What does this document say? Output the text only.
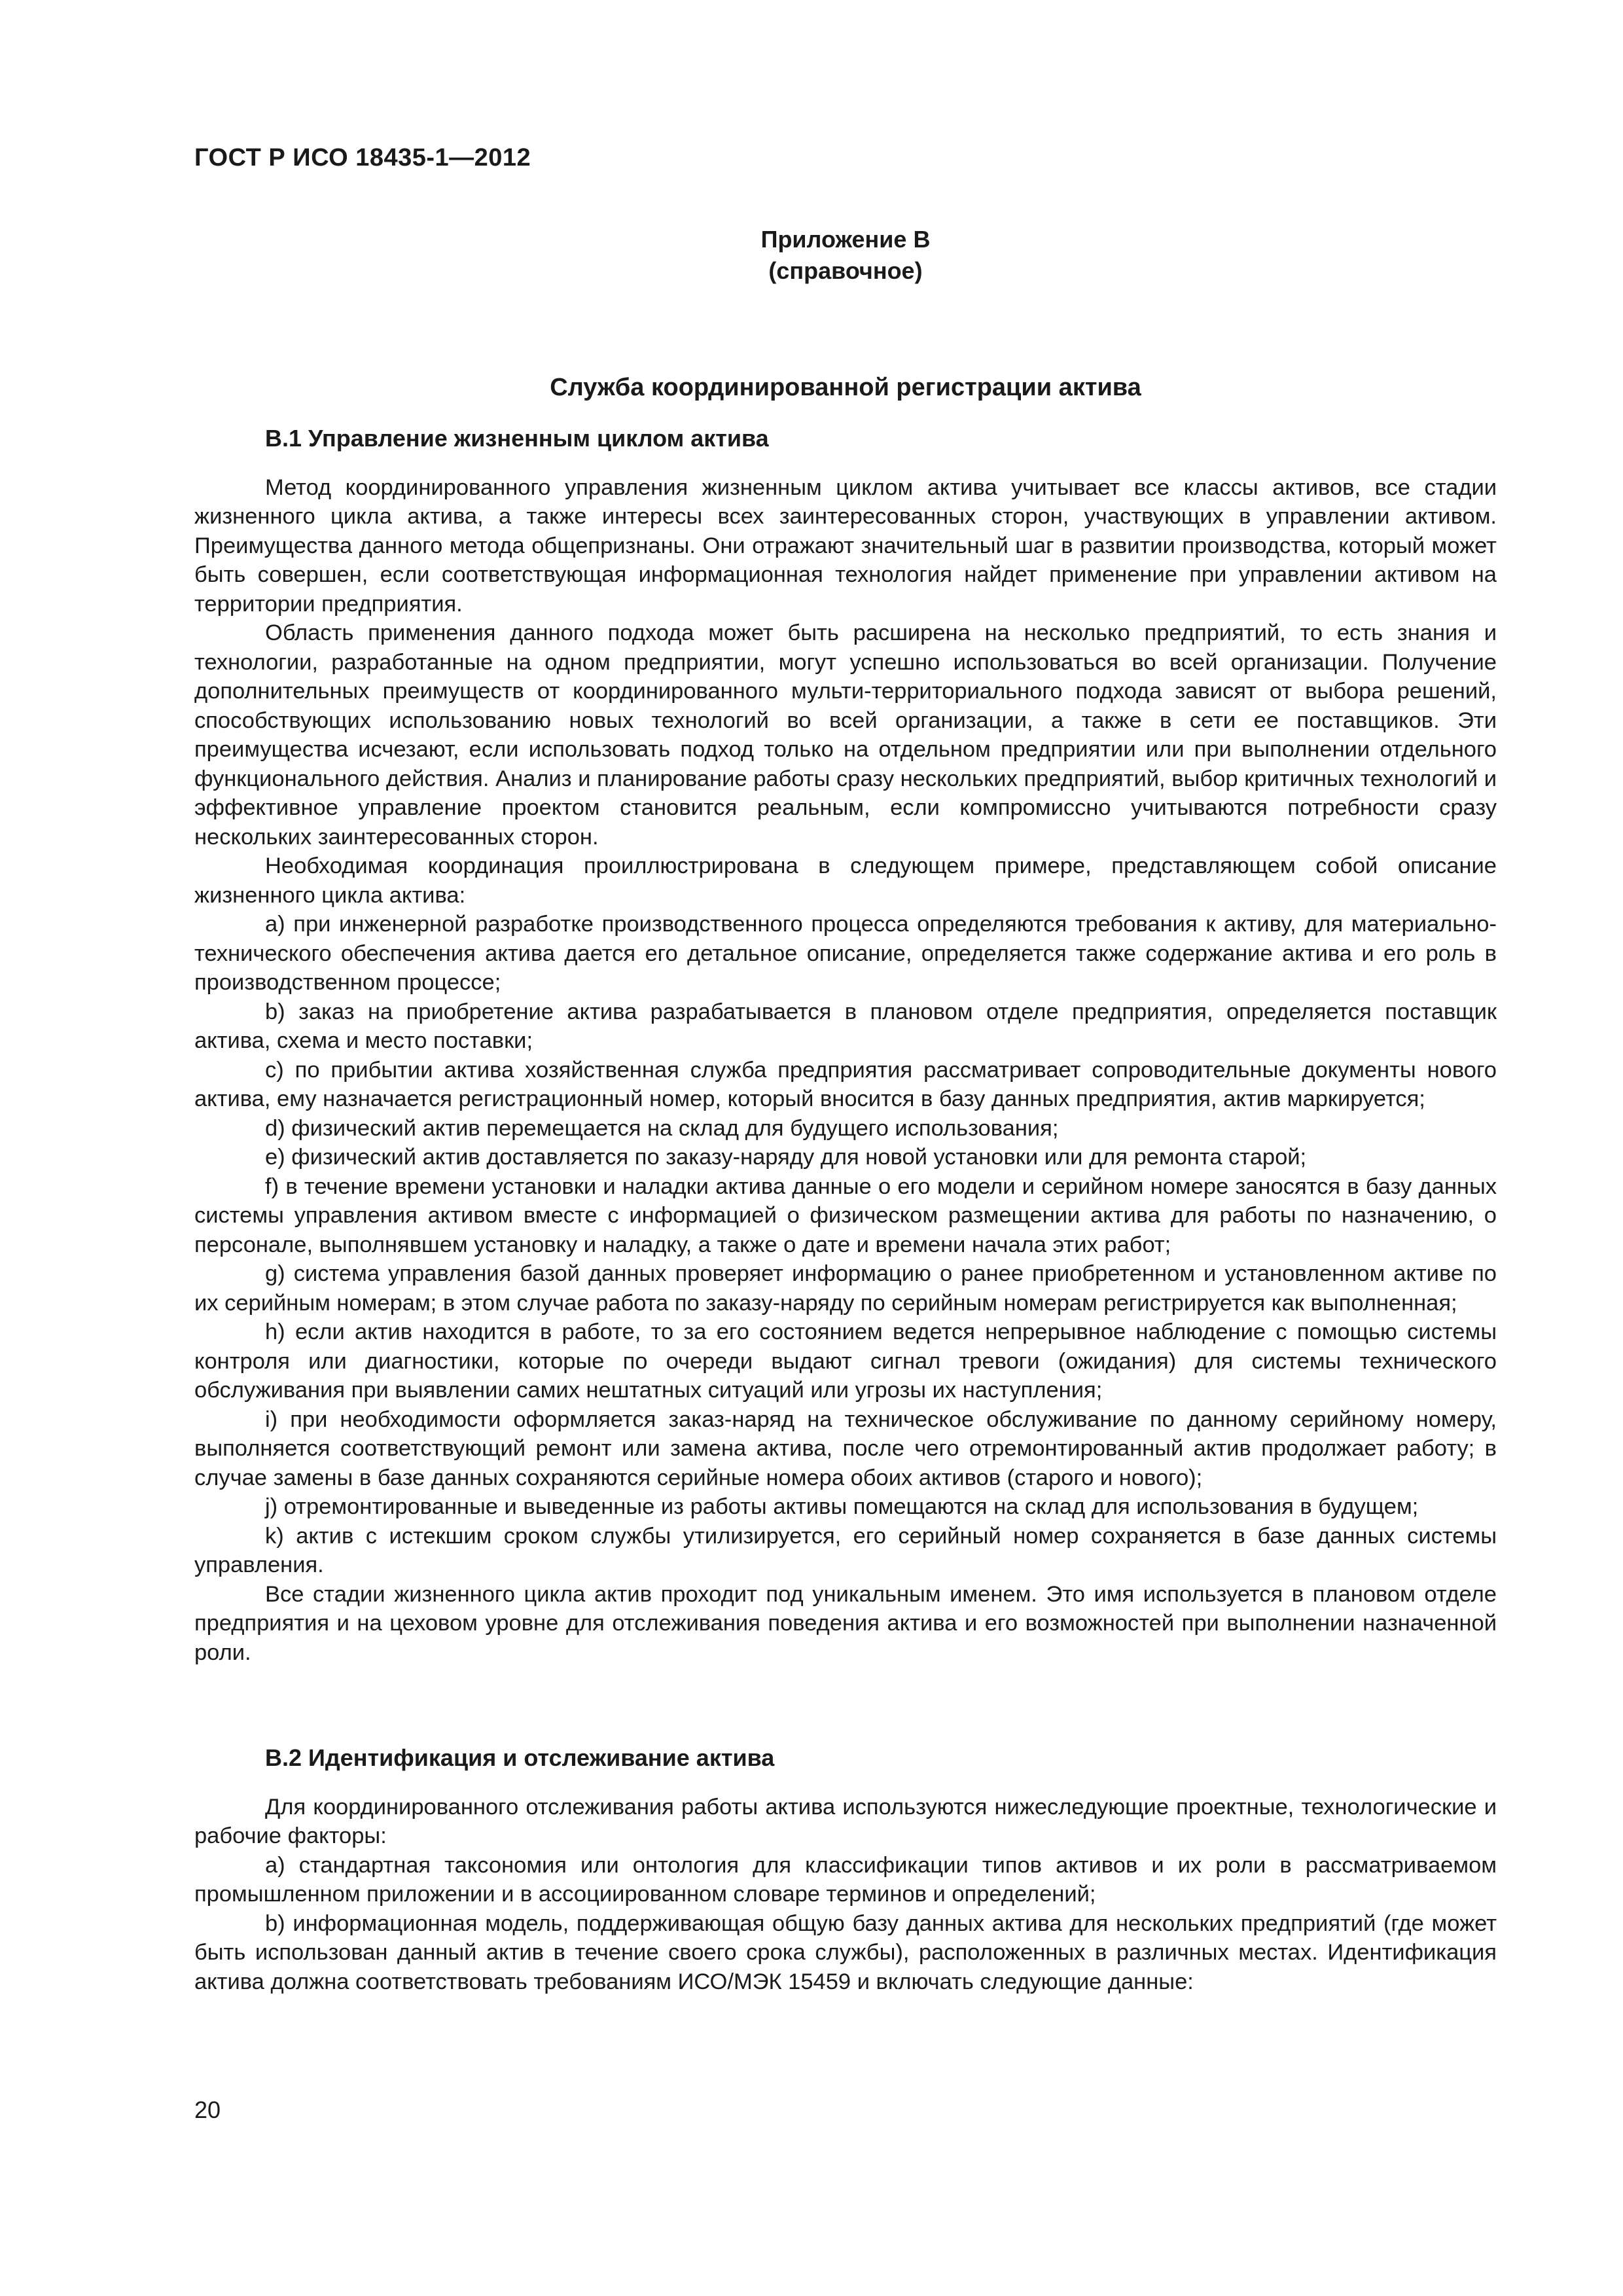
ГОСТ Р ИСО 18435-1—2012
Приложение В
(справочное)
Служба координированной регистрации актива
В.1 Управление жизненным циклом актива

Метод координированного управления жизненным циклом актива учитывает все классы активов, все стадии жизненного цикла актива, а также интересы всех заинтересованных сторон, участвующих в управлении активом. Преимущества данного метода общепризнаны. Они отражают значительный шаг в развитии производства, который может быть совершен, если соответствующая информационная технология найдет применение при управлении активом на территории предприятия.

Область применения данного подхода может быть расширена на несколько предприятий, то есть знания и технологии, разработанные на одном предприятии, могут успешно использоваться во всей организации. Получение дополнительных преимуществ от координированного мульти-территориального подхода зависят от выбора решений, способствующих использованию новых технологий во всей организации, а также в сети ее поставщиков. Эти преимущества исчезают, если использовать подход только на отдельном предприятии или при выполнении отдельного функционального действия. Анализ и планирование работы сразу нескольких предприятий, выбор критичных технологий и эффективное управление проектом становится реальным, если компромиссно учитываются потребности сразу нескольких заинтересованных сторон.

Необходимая координация проиллюстрирована в следующем примере, представляющем собой описание жизненного цикла актива:

а) при инженерной разработке производственного процесса определяются требования к активу, для материально-технического обеспечения актива дается его детальное описание, определяется также содержание актива и его роль в производственном процессе;

b) заказ на приобретение актива разрабатывается в плановом отделе предприятия, определяется поставщик актива, схема и место поставки;

с) по прибытии актива хозяйственная служба предприятия рассматривает сопроводительные документы нового актива, ему назначается регистрационный номер, который вносится в базу данных предприятия, актив маркируется;

d) физический актив перемещается на склад для будущего использования;

е) физический актив доставляется по заказу-наряду для новой установки или для ремонта старой;

f) в течение времени установки и наладки актива данные о его модели и серийном номере заносятся в базу данных системы управления активом вместе с информацией о физическом размещении актива для работы по назначению, о персонале, выполнявшем установку и наладку, а также о дате и времени начала этих работ;

g) система управления базой данных проверяет информацию о ранее приобретенном и установленном активе по их серийным номерам; в этом случае работа по заказу-наряду по серийным номерам регистрируется как выполненная;

h) если актив находится в работе, то за его состоянием ведется непрерывное наблюдение с помощью системы контроля или диагностики, которые по очереди выдают сигнал тревоги (ожидания) для системы технического обслуживания при выявлении самих нештатных ситуаций или угрозы их наступления;

i) при необходимости оформляется заказ-наряд на техническое обслуживание по данному серийному номеру, выполняется соответствующий ремонт или замена актива, после чего отремонтированный актив продолжает работу; в случае замены в базе данных сохраняются серийные номера обоих активов (старого и нового);

j) отремонтированные и выведенные из работы активы помещаются на склад для использования в будущем;

k) актив с истекшим сроком службы утилизируется, его серийный номер сохраняется в базе данных системы управления.

Все стадии жизненного цикла актив проходит под уникальным именем. Это имя используется в плановом отделе предприятия и на цеховом уровне для отслеживания поведения актива и его возможностей при выполнении назначенной роли.

В.2 Идентификация и отслеживание актива

Для координированного отслеживания работы актива используются нижеследующие проектные, технологические и рабочие факторы:

а) стандартная таксономия или онтология для классификации типов активов и их роли в рассматриваемом промышленном приложении и в ассоциированном словаре терминов и определений;

b) информационная модель, поддерживающая общую базу данных актива для нескольких предприятий (где может быть использован данный актив в течение своего срока службы), расположенных в различных местах. Идентификация актива должна соответствовать требованиям ИСО/МЭК 15459 и включать следующие данные:

20
